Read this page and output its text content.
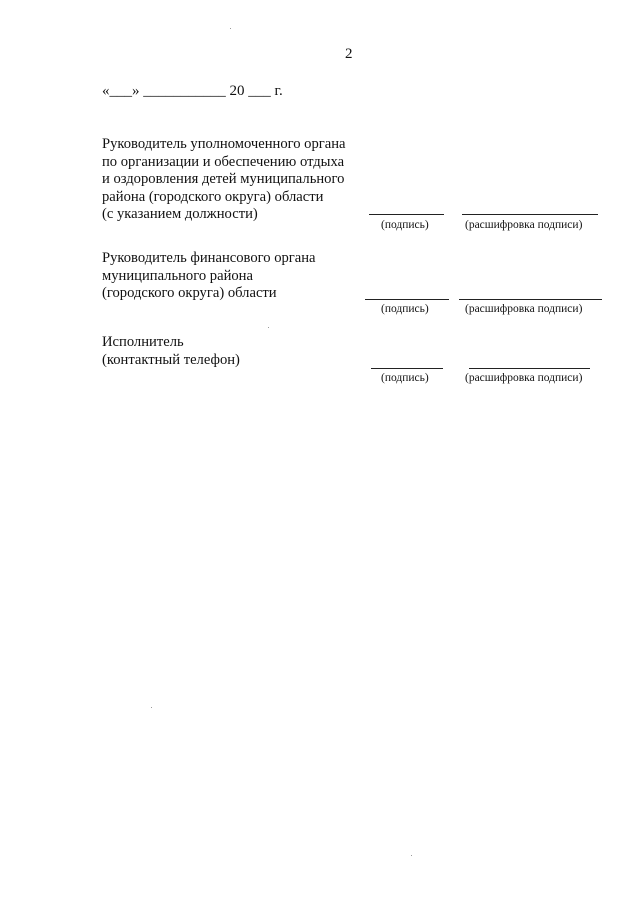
2
«___» ___________ 20 ___ г.
Руководитель уполномоченного органа
по организации и обеспечению отдыха
и оздоровления детей муниципального
района (городского округа) области
(с указанием должности)
(подпись)	(расшифровка подписи)
Руководитель финансового органа
муниципального района
(городского округа) области
(подпись)	(расшифровка подписи)
Исполнитель
(контактный телефон)
(подпись)	(расшифровка подписи)
